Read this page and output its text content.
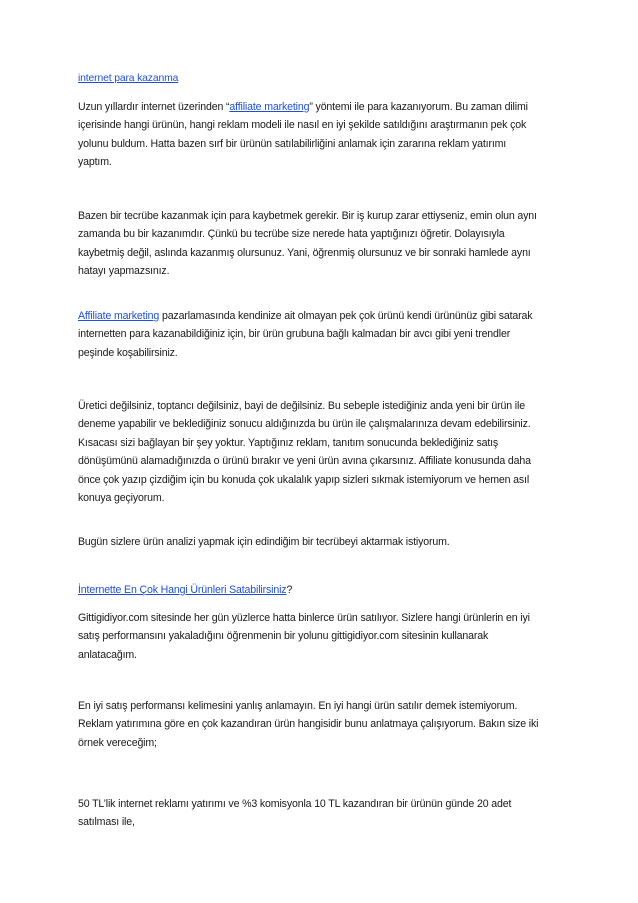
internet para kazanma
Uzun yıllardır internet üzerinden “affiliate marketing” yöntemi ile para kazanıyorum. Bu zaman dilimi
içerisinde hangi ürünün, hangi reklam modeli ile nasıl en iyi şekilde satıldığını araştırmanın pek çok
yolunu buldum. Hatta bazen sırf bir ürünün satılabilirliğini anlamak için zararına reklam yatırımı
yaptım.
Bazen bir tecrübe kazanmak için para kaybetmek gerekir. Bir iş kurup zarar ettiyseniz, emin olun aynı
zamanda bu bir kazanımdır. Çünkü bu tecrübe size nerede hata yaptığınızı öğretir. Dolayısıyla
kaybetmiş değil, aslında kazanmış olursunuz. Yani, öğrenmiş olursunuz ve bir sonraki hamlede aynı
hatayı yapmazsınız.
Affiliate marketing pazarlamasında kendinize ait olmayan pek çok ürünü kendi ürününüz gibi satarak
internetten para kazanabildiğiniz için, bir ürün grubuna bağlı kalmadan bir avcı gibi yeni trendler
peşinde koşabilirsiniz.
Üretici değilsiniz, toptancı değilsiniz, bayi de değilsiniz. Bu sebeple istediğiniz anda yeni bir ürün ile
deneme yapabilir ve beklediğiniz sonucu aldığınızda bu ürün ile çalışmalarınıza devam edebilirsiniz.
Kısacası sizi bağlayan bir şey yoktur. Yaptığınız reklam, tanıtım sonucunda beklediğiniz satış
dönüşümünü alamadığınızda o ürünü bırakır ve yeni ürün avına çıkarsınız. Affiliate konusunda daha
önce çok yazıp çizdiğim için bu konuda çok ukalalık yapıp sizleri sıkmak istemiyorum ve hemen asıl
konuya geçiyorum.
Bugün sizlere ürün analizi yapmak için edindiğim bir tecrübeyi aktarmak istiyorum.
İnternette En Çok Hangi Ürünleri Satabilirsiniz?
Gittigidiyor.com sitesinde her gün yüzlerce hatta binlerce ürün satılıyor. Sizlere hangi ürünlerin en iyi
satış performansını yakaladığını öğrenmenin bir yolunu gittigidiyor.com sitesinin kullanarak
anlatacağım.
En iyi satış performansı kelimesini yanlış anlamayın. En iyi hangi ürün satılır demek istemiyorum.
Reklam yatırımına göre en çok kazandıran ürün hangisidir bunu anlatmaya çalışıyorum. Bakın size iki
örnek vereceğim;
50 TL’lik internet reklamı yatırımı ve %3 komisyonla 10 TL kazandıran bir ürünün günde 20 adet
satılması ile,
